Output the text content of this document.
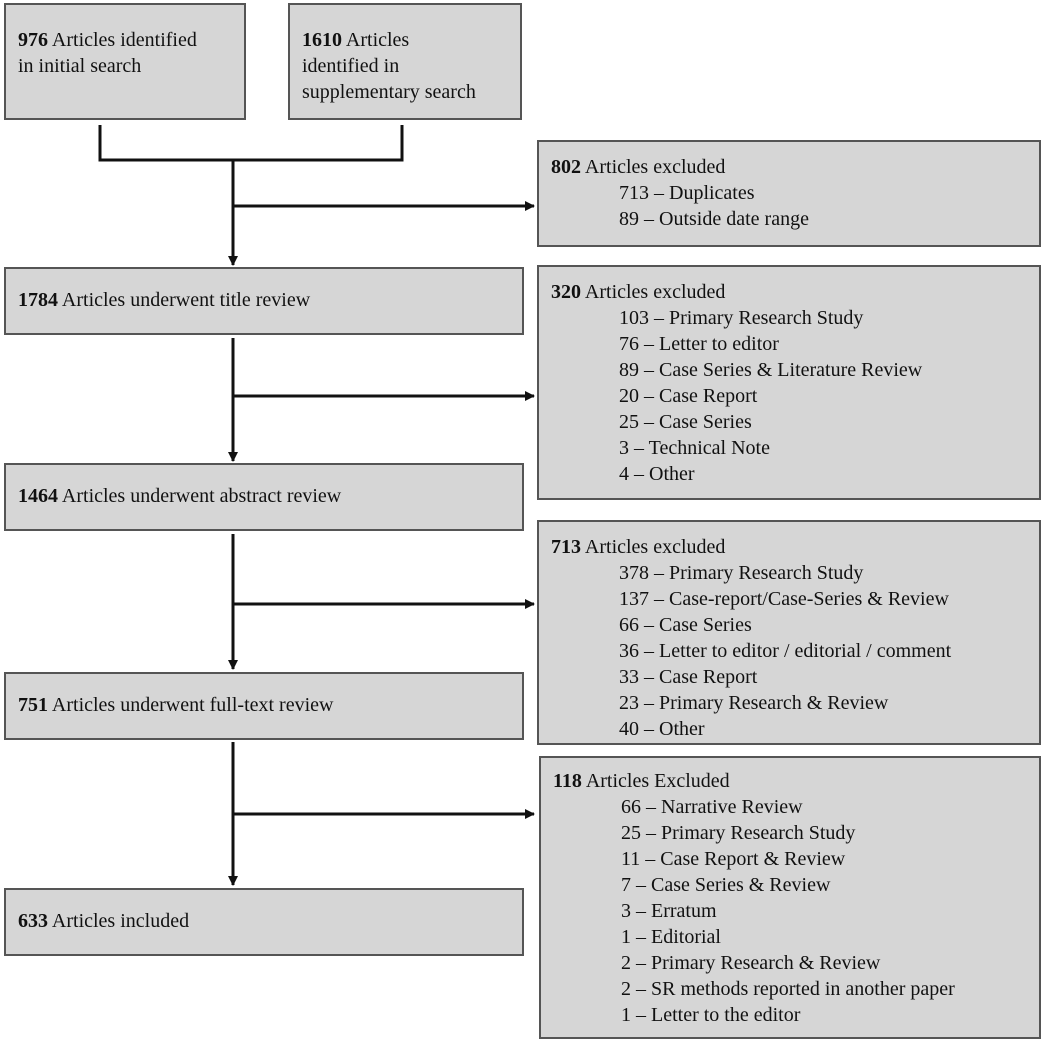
976 Articles identified
in initial search
1610 Articles
identified in
supplementary search
1784 Articles underwent title review
1464 Articles underwent abstract review
751 Articles underwent full-text review
633 Articles included
802 Articles excluded
713 – Duplicates
89 – Outside date range
320 Articles excluded
103 – Primary Research Study
76 – Letter to editor
89 – Case Series & Literature Review
20 – Case Report
25 – Case Series
3 – Technical Note
4 – Other
713 Articles excluded
378 – Primary Research Study
137 – Case-report/Case-Series & Review
66 – Case Series
36 – Letter to editor / editorial / comment
33 – Case Report
23 – Primary Research & Review
40 – Other
118 Articles Excluded
66 – Narrative Review
25 – Primary Research Study
11 – Case Report & Review
7 – Case Series & Review
3 – Erratum
1 – Editorial
2 – Primary Research & Review
2 – SR methods reported in another paper
1 – Letter to the editor
